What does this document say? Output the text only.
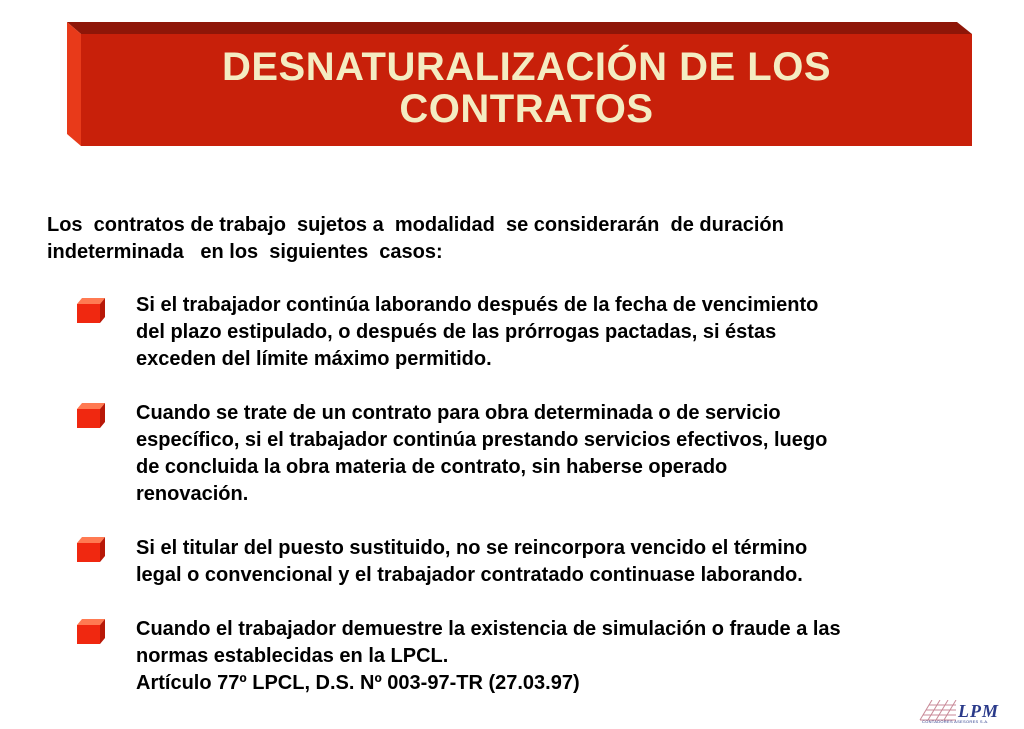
DESNATURALIZACIÓN DE LOS
CONTRATOS

Los  contratos de trabajo  sujetos a  modalidad  se considerarán  de duración
indeterminada   en los  siguientes  casos:

Si el trabajador continúa laborando después de la fecha de vencimiento
del plazo estipulado, o después de las prórrogas pactadas, si éstas
exceden del límite máximo permitido.

Cuando se trate de un contrato para obra determinada o de servicio
específico, si el trabajador continúa prestando servicios efectivos, luego
de concluida la obra materia de contrato, sin haberse operado
renovación.

Si el titular del puesto sustituido, no se reincorpora vencido el término
legal o convencional y el trabajador contratado continuase laborando.

Cuando el trabajador demuestre la existencia de simulación o fraude a las
normas establecidas en la LPCL.
Artículo 77º LPCL, D.S. Nº 003-97-TR (27.03.97)

LPM
CONTADORES ASESORES S.A.
